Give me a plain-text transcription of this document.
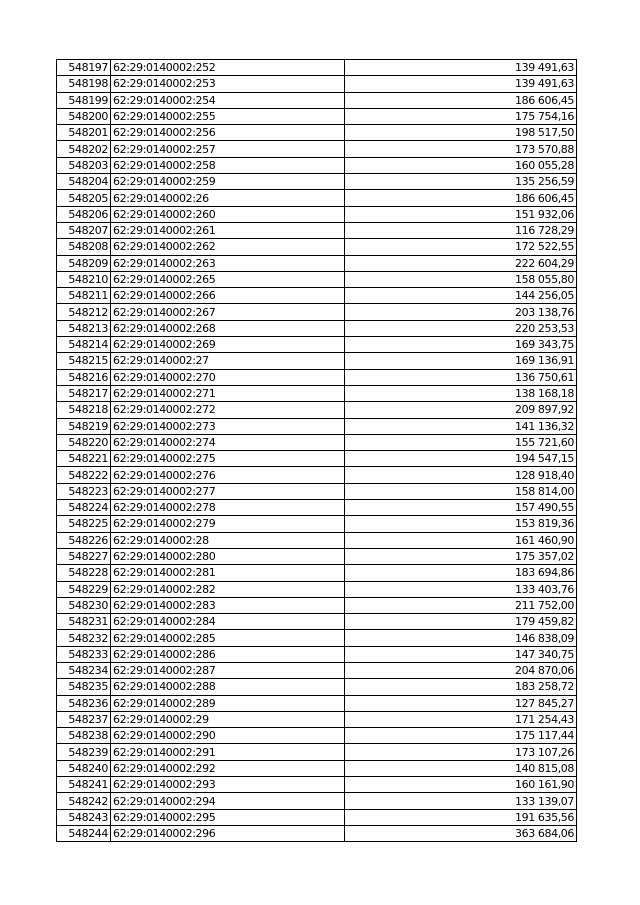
548197	62:29:0140002:252	139 491,63
548198	62:29:0140002:253	139 491,63
548199	62:29:0140002:254	186 606,45
548200	62:29:0140002:255	175 754,16
548201	62:29:0140002:256	198 517,50
548202	62:29:0140002:257	173 570,88
548203	62:29:0140002:258	160 055,28
548204	62:29:0140002:259	135 256,59
548205	62:29:0140002:26	186 606,45
548206	62:29:0140002:260	151 932,06
548207	62:29:0140002:261	116 728,29
548208	62:29:0140002:262	172 522,55
548209	62:29:0140002:263	222 604,29
548210	62:29:0140002:265	158 055,80
548211	62:29:0140002:266	144 256,05
548212	62:29:0140002:267	203 138,76
548213	62:29:0140002:268	220 253,53
548214	62:29:0140002:269	169 343,75
548215	62:29:0140002:27	169 136,91
548216	62:29:0140002:270	136 750,61
548217	62:29:0140002:271	138 168,18
548218	62:29:0140002:272	209 897,92
548219	62:29:0140002:273	141 136,32
548220	62:29:0140002:274	155 721,60
548221	62:29:0140002:275	194 547,15
548222	62:29:0140002:276	128 918,40
548223	62:29:0140002:277	158 814,00
548224	62:29:0140002:278	157 490,55
548225	62:29:0140002:279	153 819,36
548226	62:29:0140002:28	161 460,90
548227	62:29:0140002:280	175 357,02
548228	62:29:0140002:281	183 694,86
548229	62:29:0140002:282	133 403,76
548230	62:29:0140002:283	211 752,00
548231	62:29:0140002:284	179 459,82
548232	62:29:0140002:285	146 838,09
548233	62:29:0140002:286	147 340,75
548234	62:29:0140002:287	204 870,06
548235	62:29:0140002:288	183 258,72
548236	62:29:0140002:289	127 845,27
548237	62:29:0140002:29	171 254,43
548238	62:29:0140002:290	175 117,44
548239	62:29:0140002:291	173 107,26
548240	62:29:0140002:292	140 815,08
548241	62:29:0140002:293	160 161,90
548242	62:29:0140002:294	133 139,07
548243	62:29:0140002:295	191 635,56
548244	62:29:0140002:296	363 684,06
